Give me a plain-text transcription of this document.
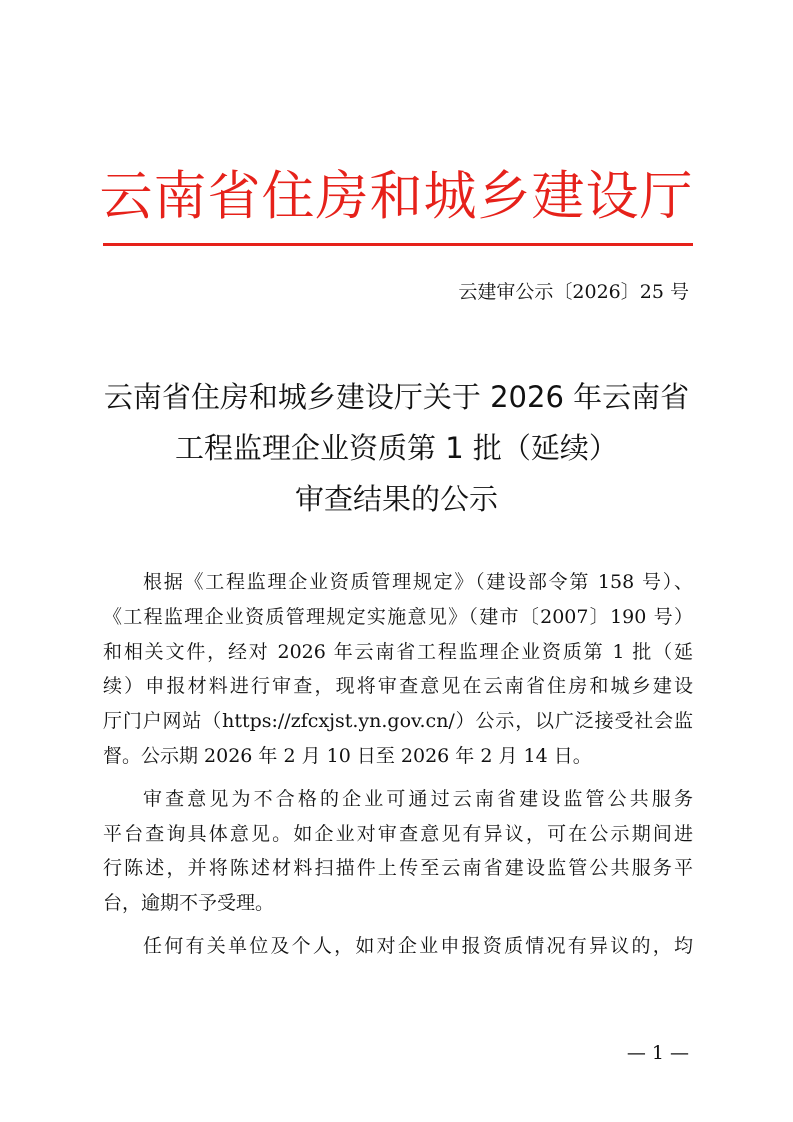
云南省住房和城乡建设厅
云建审公示〔2026〕25 号
云南省住房和城乡建设厅关于 2026 年云南省
工程监理企业资质第 1 批（延续）
审查结果的公示
根据《工程监理企业资质管理规定》（建设部令第 158 号）、
《工程监理企业资质管理规定实施意见》（建市〔2007〕190 号）
和相关文件，经对 2026 年云南省工程监理企业资质第 1 批（延
续）申报材料进行审查，现将审查意见在云南省住房和城乡建设
厅门户网站（https://zfcxjst.yn.gov.cn/）公示，以广泛接受社会监
督。公示期 2026 年 2 月 10 日至 2026 年 2 月 14 日。
审查意见为不合格的企业可通过云南省建设监管公共服务
平台查询具体意见。如企业对审查意见有异议，可在公示期间进
行陈述，并将陈述材料扫描件上传至云南省建设监管公共服务平
台，逾期不予受理。
任何有关单位及个人，如对企业申报资质情况有异议的，均
— 1 —
